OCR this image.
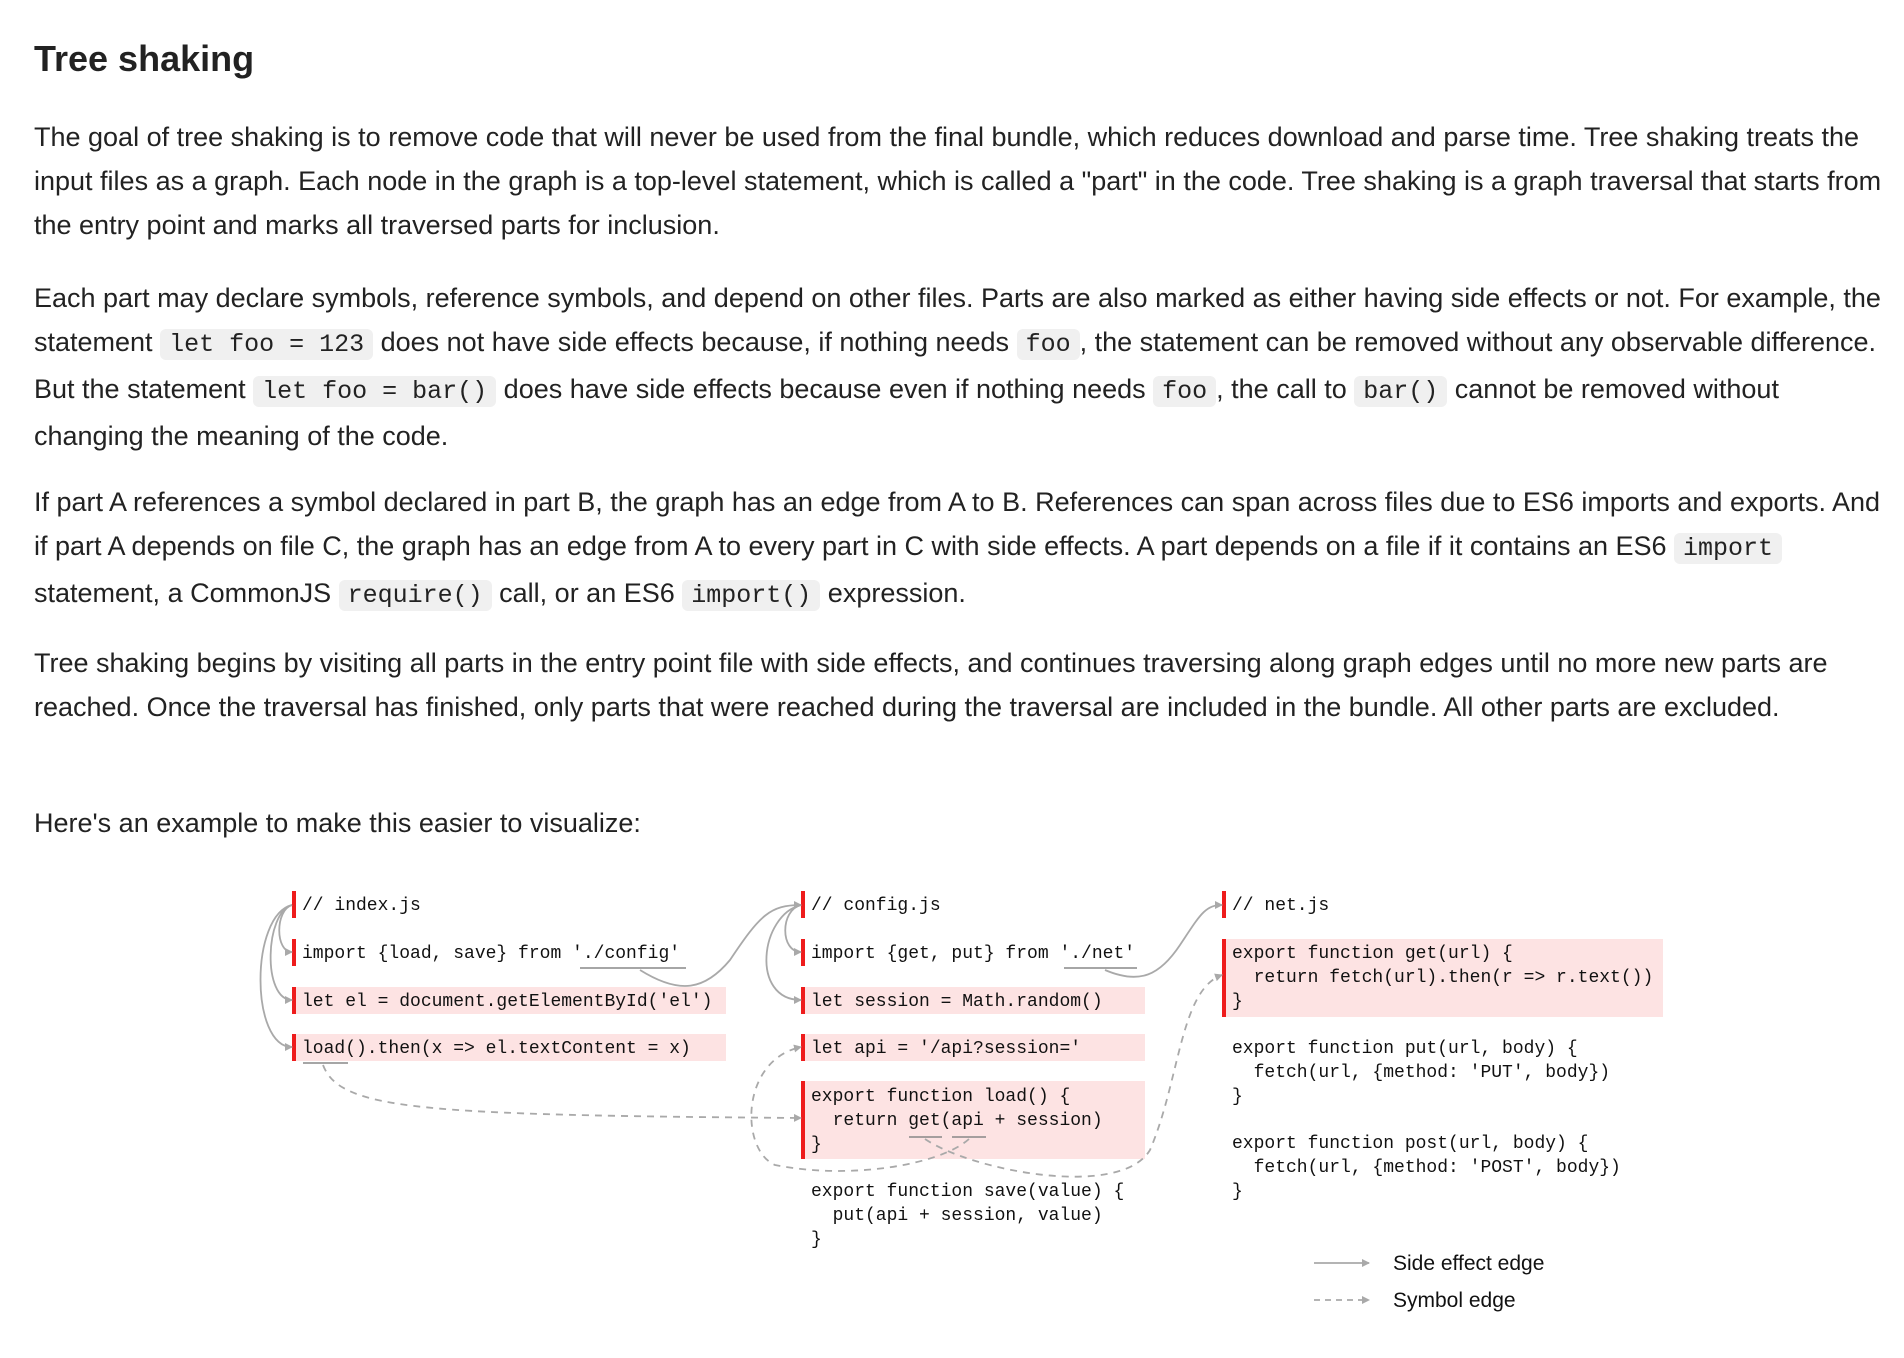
Tree shaking

The goal of tree shaking is to remove code that will never be used from the final bundle, which reduces download and parse time. Tree shaking treats the input files as a graph. Each node in the graph is a top-level statement, which is called a "part" in the code. Tree shaking is a graph traversal that starts from the entry point and marks all traversed parts for inclusion.

Each part may declare symbols, reference symbols, and depend on other files. Parts are also marked as either having side effects or not. For example, the statement let foo = 123 does not have side effects because, if nothing needs foo , the statement can be removed without any observable difference. But the statement let foo = bar() does have side effects because even if nothing needs foo , the call to bar() cannot be removed without changing the meaning of the code.

If part A references a symbol declared in part B, the graph has an edge from A to B. References can span across files due to ES6 imports and exports. And if part A depends on file C, the graph has an edge from A to every part in C with side effects. A part depends on a file if it contains an ES6 import statement, a CommonJS require() call, or an ES6 import() expression.

Tree shaking begins by visiting all parts in the entry point file with side effects, and continues traversing along graph edges until no more new parts are reached. Once the traversal has finished, only parts that were reached during the traversal are included in the bundle. All other parts are excluded.

Here's an example to make this easier to visualize:

// index.js
import {load, save} from './config'
let el = document.getElementById('el')
load().then(x => el.textContent = x)
// config.js
import {get, put} from './net'
let session = Math.random()
let api = '/api?session='
export function load() {
return get(api + session)
}
export function save(value) {
put(api + session, value)
}
// net.js
export function get(url) {
return fetch(url).then(r => r.text())
}
export function put(url, body) {
fetch(url, {method: 'PUT', body})
}
export function post(url, body) {
fetch(url, {method: 'POST', body})
}
Side effect edge
Symbol edge
